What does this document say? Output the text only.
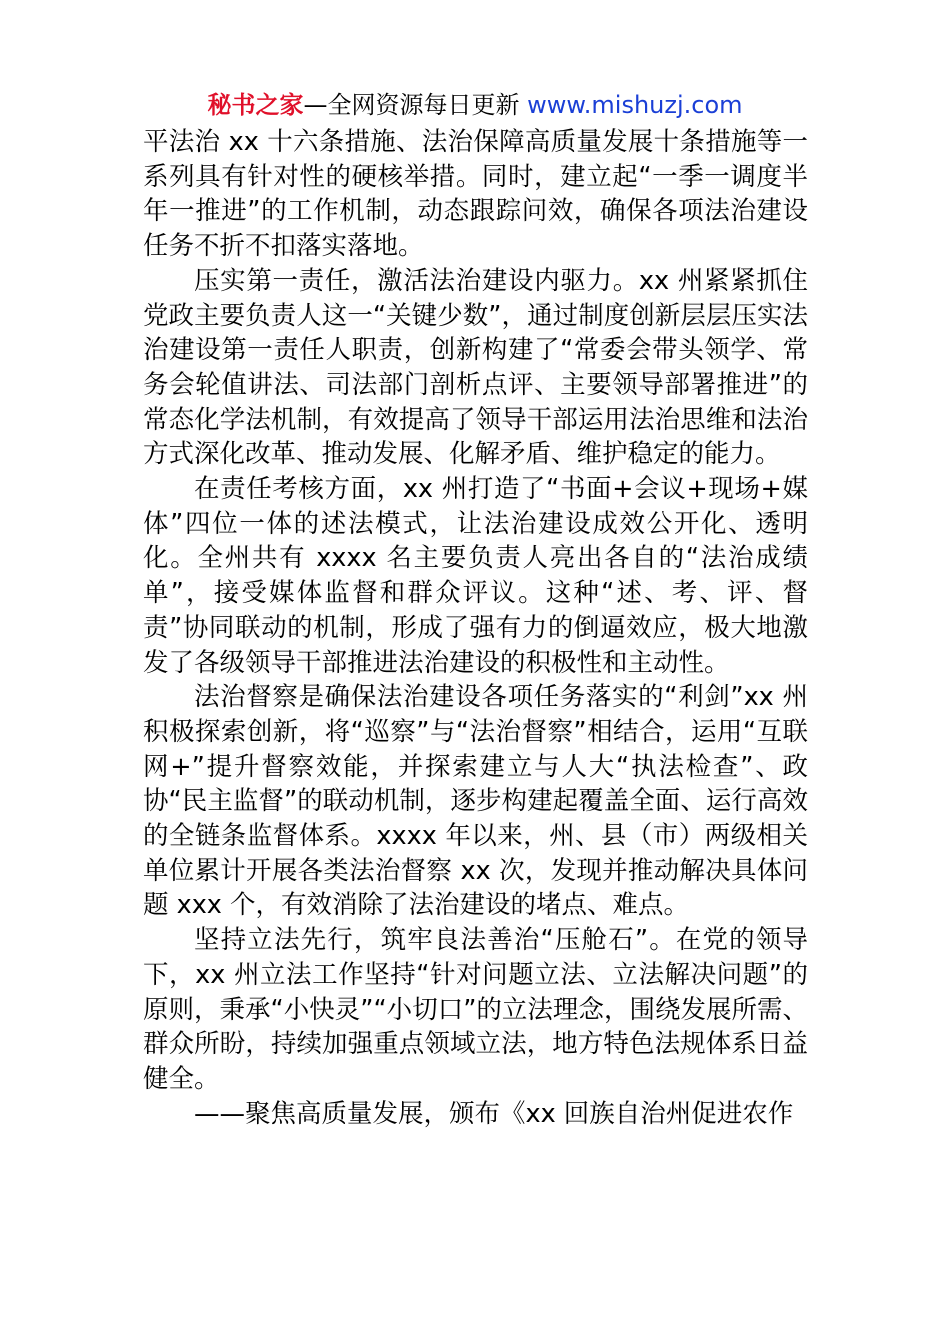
秘书之家—全网资源每日更新 www.mishuzj.com

平法治 xx 十六条措施、法治保障高质量发展十条措施等一系列具有针对性的硬核举措。同时，建立起“一季一调度半年一推进”的工作机制，动态跟踪问效，确保各项法治建设任务不折不扣落实落地。

压实第一责任，激活法治建设内驱力。xx 州紧紧抓住党政主要负责人这一“关键少数”，通过制度创新层层压实法治建设第一责任人职责，创新构建了“常委会带头领学、常务会轮值讲法、司法部门剖析点评、主要领导部署推进”的常态化学法机制，有效提高了领导干部运用法治思维和法治方式深化改革、推动发展、化解矛盾、维护稳定的能力。

在责任考核方面，xx 州打造了“书面+会议+现场+媒体”四位一体的述法模式，让法治建设成效公开化、透明化。全州共有 xxxx 名主要负责人亮出各自的“法治成绩单”，接受媒体监督和群众评议。这种“述、考、评、督责”协同联动的机制，形成了强有力的倒逼效应，极大地激发了各级领导干部推进法治建设的积极性和主动性。

法治督察是确保法治建设各项任务落实的“利剑”xx 州积极探索创新，将“巡察”与“法治督察”相结合，运用“互联网+”提升督察效能，并探索建立与人大“执法检查”、政协“民主监督”的联动机制，逐步构建起覆盖全面、运行高效的全链条监督体系。xxxx 年以来，州、县（市）两级相关单位累计开展各类法治督察 xx 次，发现并推动解决具体问题 xxx 个，有效消除了法治建设的堵点、难点。

坚持立法先行，筑牢良法善治“压舱石”。在党的领导下，xx 州立法工作坚持“针对问题立法、立法解决问题”的原则，秉承“小快灵”“小切口”的立法理念，围绕发展所需、群众所盼，持续加强重点领域立法，地方特色法规体系日益健全。

——聚焦高质量发展，颁布《xx 回族自治州促进农作
